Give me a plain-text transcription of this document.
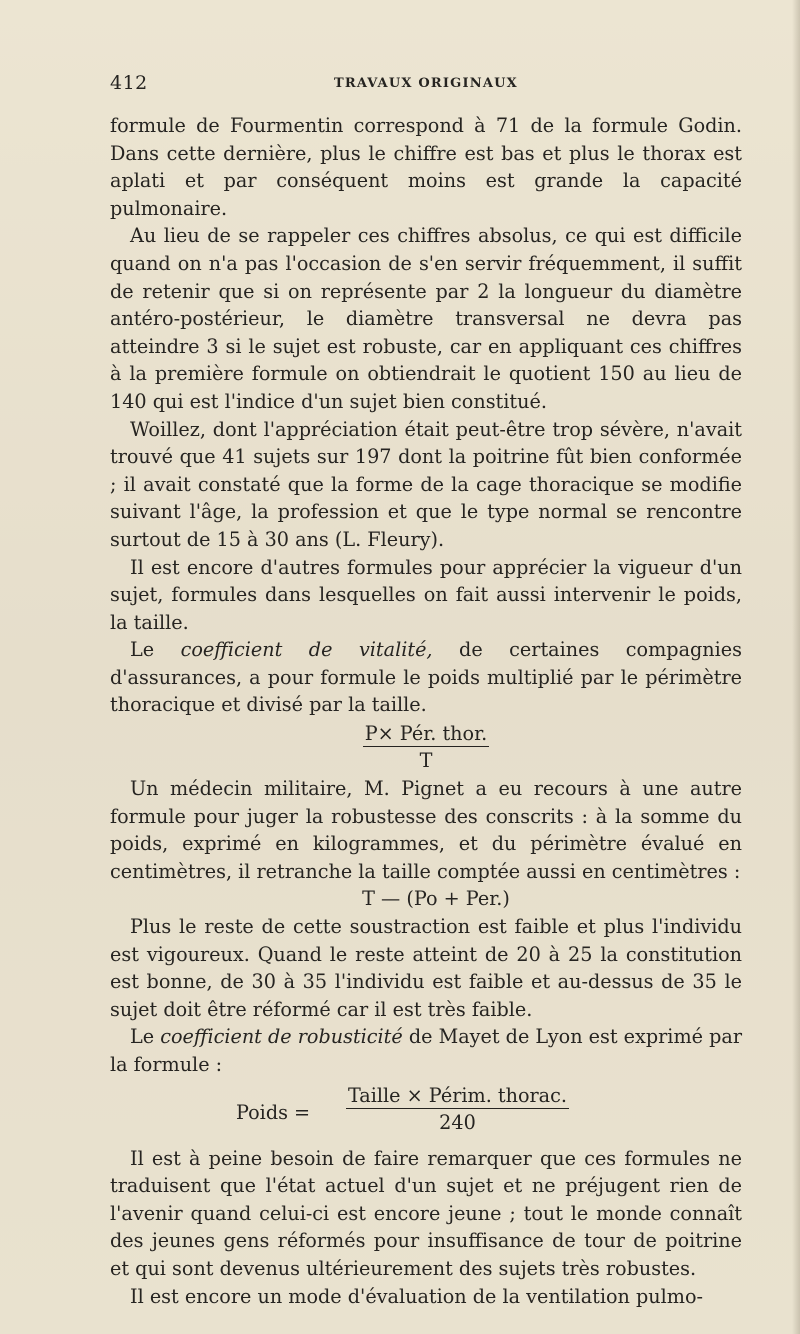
412	TRAVAUX ORIGINAUX

formule de Fourmentin correspond à 71 de la formule Godin. Dans cette dernière, plus le chiffre est bas et plus le thorax est aplati et par conséquent moins est grande la capacité pulmonaire.

Au lieu de se rappeler ces chiffres absolus, ce qui est difficile quand on n'a pas l'occasion de s'en servir fréquemment, il suffit de retenir que si on représente par 2 la longueur du diamètre antéro-postérieur, le diamètre transversal ne devra pas atteindre 3 si le sujet est robuste, car en appliquant ces chiffres à la première formule on obtiendrait le quotient 150 au lieu de 140 qui est l'indice d'un sujet bien constitué.

Woillez, dont l'appréciation était peut-être trop sévère, n'avait trouvé que 41 sujets sur 197 dont la poitrine fût bien conformée ; il avait constaté que la forme de la cage thoracique se modifie suivant l'âge, la profession et que le type normal se rencontre surtout de 15 à 30 ans (L. Fleury).

Il est encore d'autres formules pour apprécier la vigueur d'un sujet, formules dans lesquelles on fait aussi intervenir le poids, la taille.

Le coefficient de vitalité, de certaines compagnies d'assurances, a pour formule le poids multiplié par le périmètre thoracique et divisé par la taille.

$\frac{\text{P× Pér. thor.}}{T}$

Un médecin militaire, M. Pignet a eu recours à une autre formule pour juger la robustesse des conscrits : à la somme du poids, exprimé en kilogrammes, et du périmètre évalué en centimètres, il retranche la taille comptée aussi en centimètres :

T — (Po + Per.)

Plus le reste de cette soustraction est faible et plus l'individu est vigoureux. Quand le reste atteint de 20 à 25 la constitution est bonne, de 30 à 35 l'individu est faible et au-dessus de 35 le sujet doit être réformé car il est très faible.

Le coefficient de robusticité de Mayet de Lyon est exprimé par la formule :

Poids =
Taille × Périm. thorac.
240

Il est à peine besoin de faire remarquer que ces formules ne traduisent que l'état actuel d'un sujet et ne préjugent rien de l'avenir quand celui-ci est encore jeune ; tout le monde connaît des jeunes gens réformés pour insuffisance de tour de poitrine et qui sont devenus ultérieurement des sujets très robustes.

Il est encore un mode d'évaluation de la ventilation pulmo-
